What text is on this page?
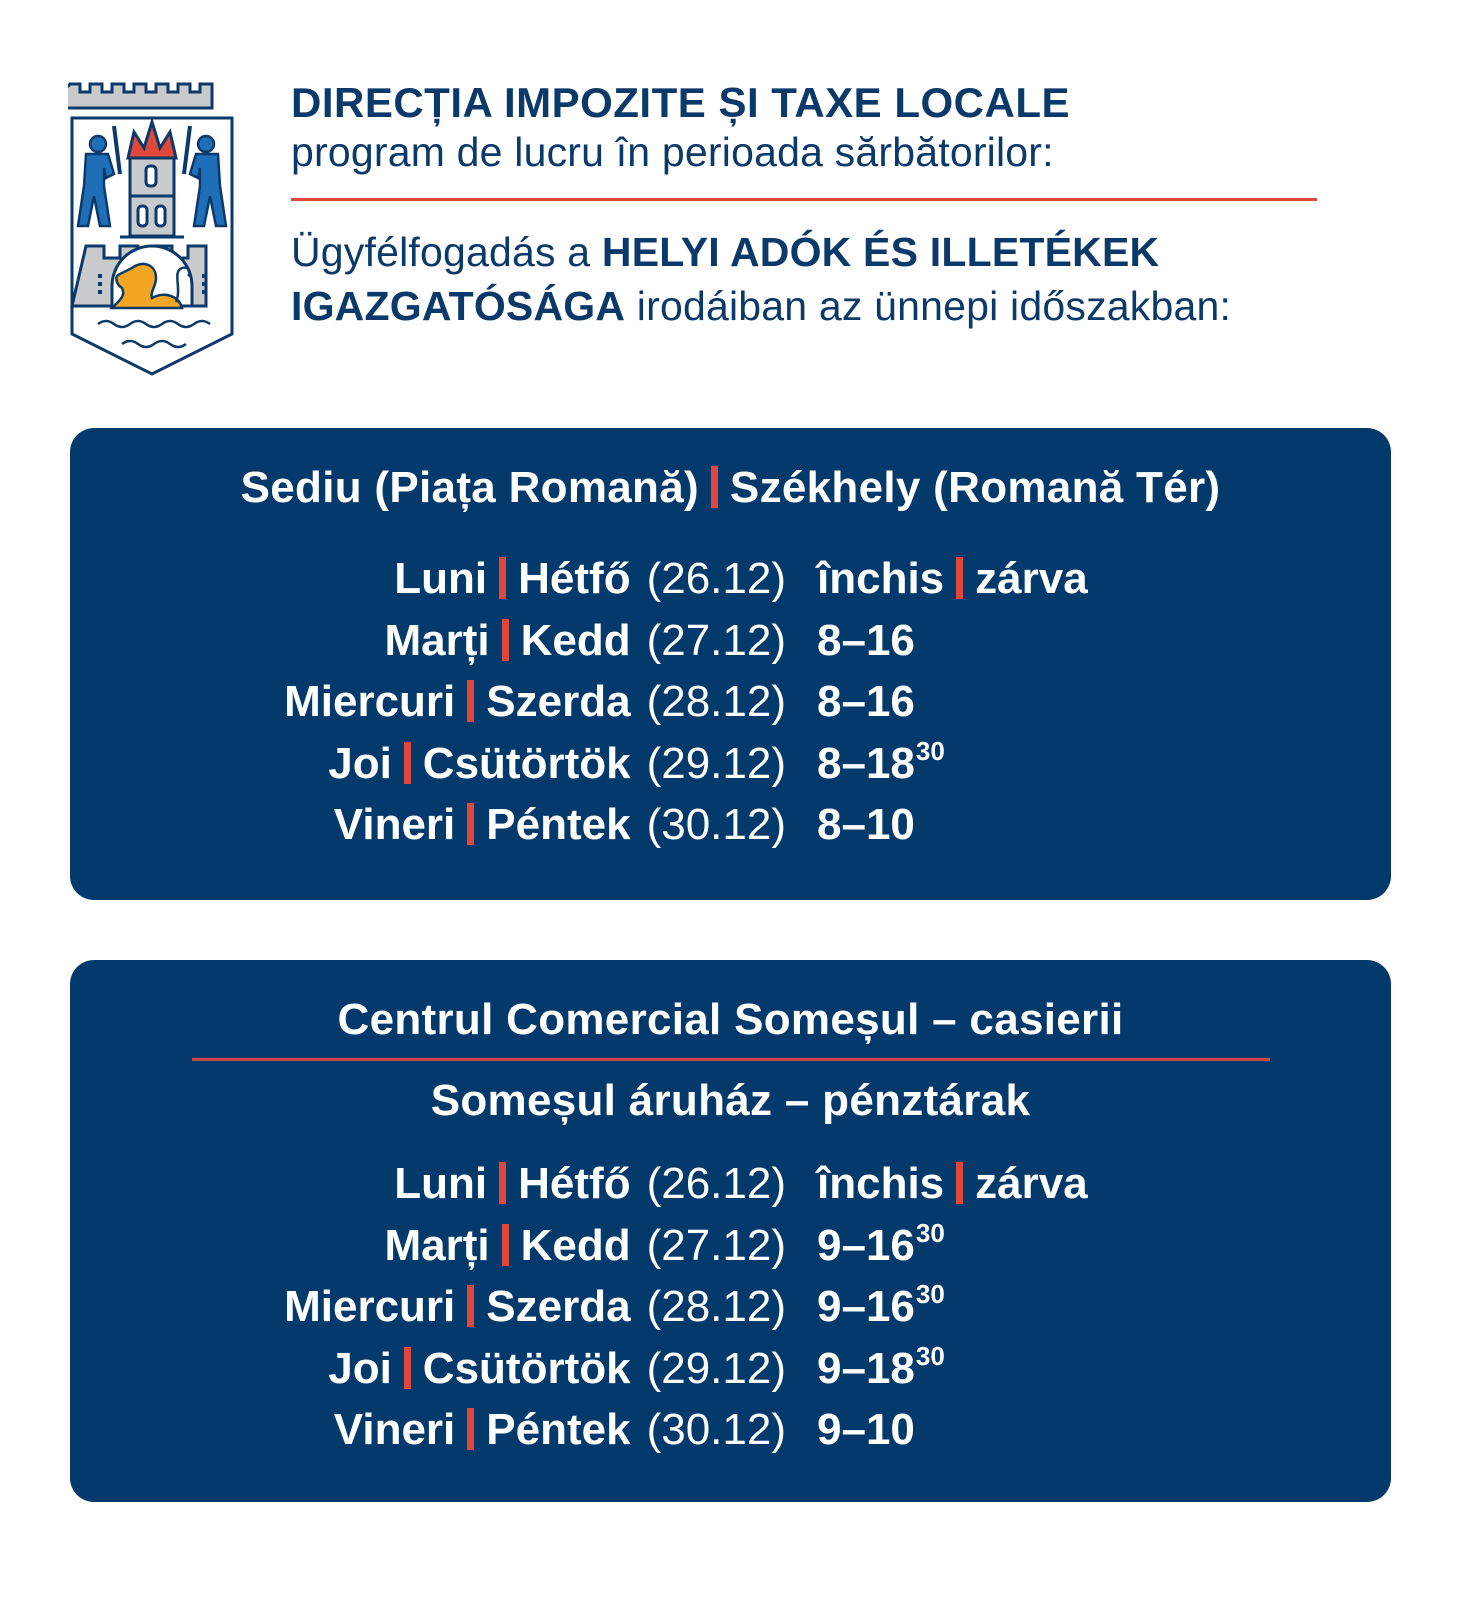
DIRECȚIA IMPOZITE ȘI TAXE LOCALE
program de lucru în perioada sărbătorilor:
Ügyfélfogadás a HELYI ADÓK ÉS ILLETÉKEK
IGAZGATÓSÁGA irodáiban az ünnepi időszakban:
Sediu (Piața Romană) Székhely (Romană Tér)
Luni Hétfő (26.12) închis zárva
Marți Kedd (27.12) 8–16
Miercuri Szerda (28.12) 8–16
Joi Csütörtök (29.12) $8-18^{30}$
Vineri Péntek (30.12) 8–10
Centrul Comercial Someșul – casierii
Someșul áruház – pénztárak
Luni Hétfő (26.12) închis zárva
Marți Kedd (27.12) $9-16^{30}$
Miercuri Szerda (28.12) $9-16^{30}$
Joi Csütörtök (29.12) $9-18^{30}$
Vineri Péntek (30.12) 9–10
